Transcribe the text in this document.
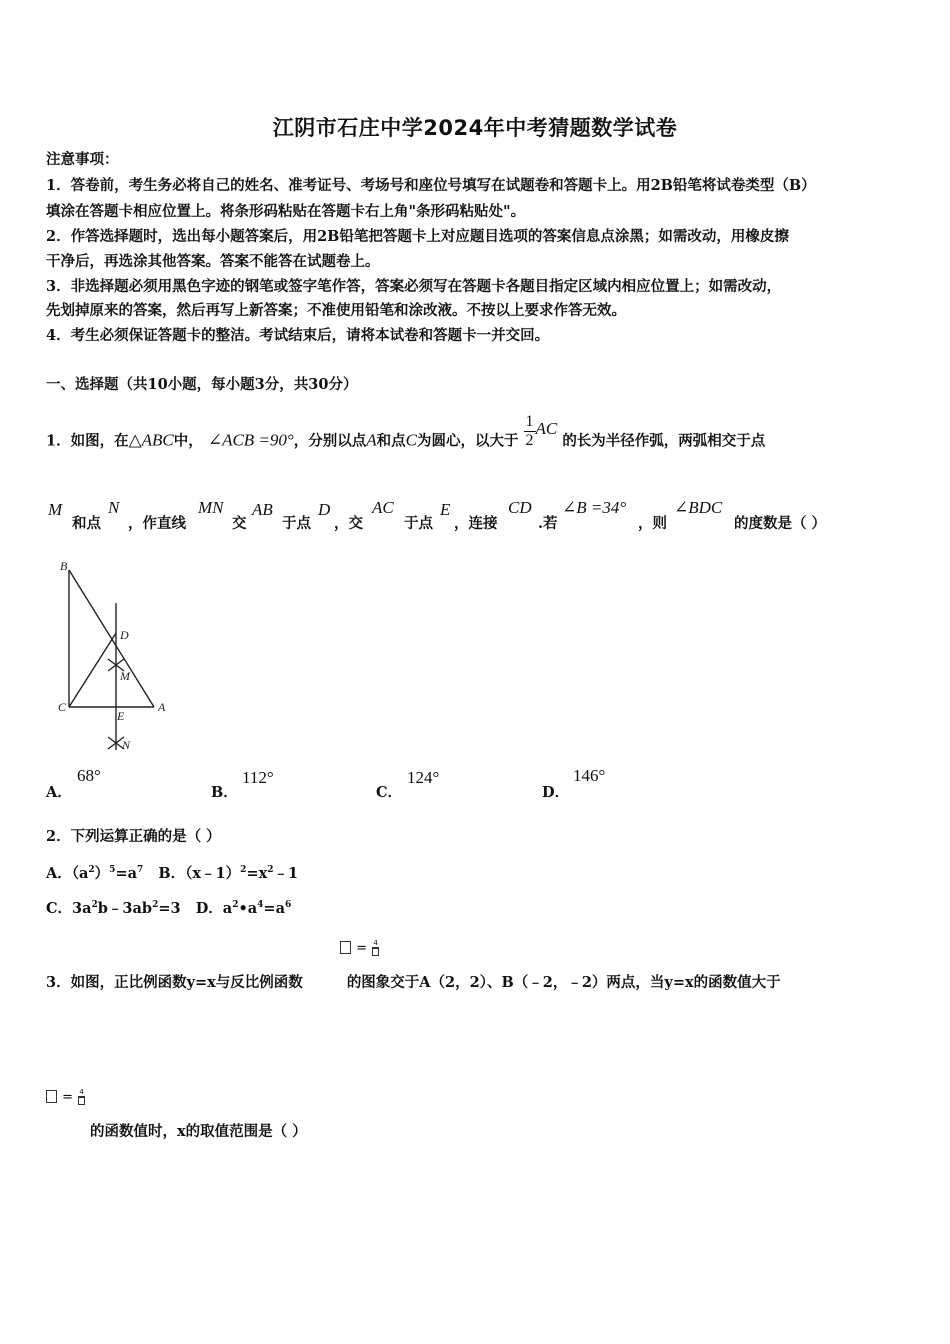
江阴市石庄中学2024年中考猜题数学试卷
注意事项：
1．答卷前，考生务必将自己的姓名、准考证号、考场号和座位号填写在试题卷和答题卡上。用2B铅笔将试卷类型（B）
填涂在答题卡相应位置上。将条形码粘贴在答题卡右上角"条形码粘贴处"。
2．作答选择题时，选出每小题答案后，用2B铅笔把答题卡上对应题目选项的答案信息点涂黑；如需改动，用橡皮擦
干净后，再选涂其他答案。答案不能答在试题卷上。
3．非选择题必须用黑色字迹的钢笔或签字笔作答，答案必须写在答题卡各题目指定区域内相应位置上；如需改动，
先划掉原来的答案，然后再写上新答案；不准使用铅笔和涂改液。不按以上要求作答无效。
4．考生必须保证答题卡的整洁。考试结束后，请将本试卷和答题卡一并交回。
一、选择题（共10小题，每小题3分，共30分）
1．如图，在△ABC中， ∠ACB =90°，分别以点A和点C为圆心，以大于 $\frac{1}{2}$ AC 的长为半径作弧，两弧相交于点
M
和点
N
，作直线
MN
交
AB
于点
D
，交
AC
于点
E
，连接
CD
.若
∠B =34°
，则
∠BDC
的度数是（ ）
B
D
M
C
E
A
N
A．
68°
B．
112°
C．
124°
D．
146°
2．下列运算正确的是（ ）
A．$(a^2)^5=a^7$ B．$(x﹣1)^2=x^2﹣1$
C．$3a^2b﹣3ab^2=3$ D．$a^2•a^4=a^6$
= 4
3．如图，正比例函数y=x与反比例函数	的图象交于A（2，2）、B（﹣2，﹣2）两点，当y=x的函数值大于
= 4
的函数值时，x的取值范围是（ ）
